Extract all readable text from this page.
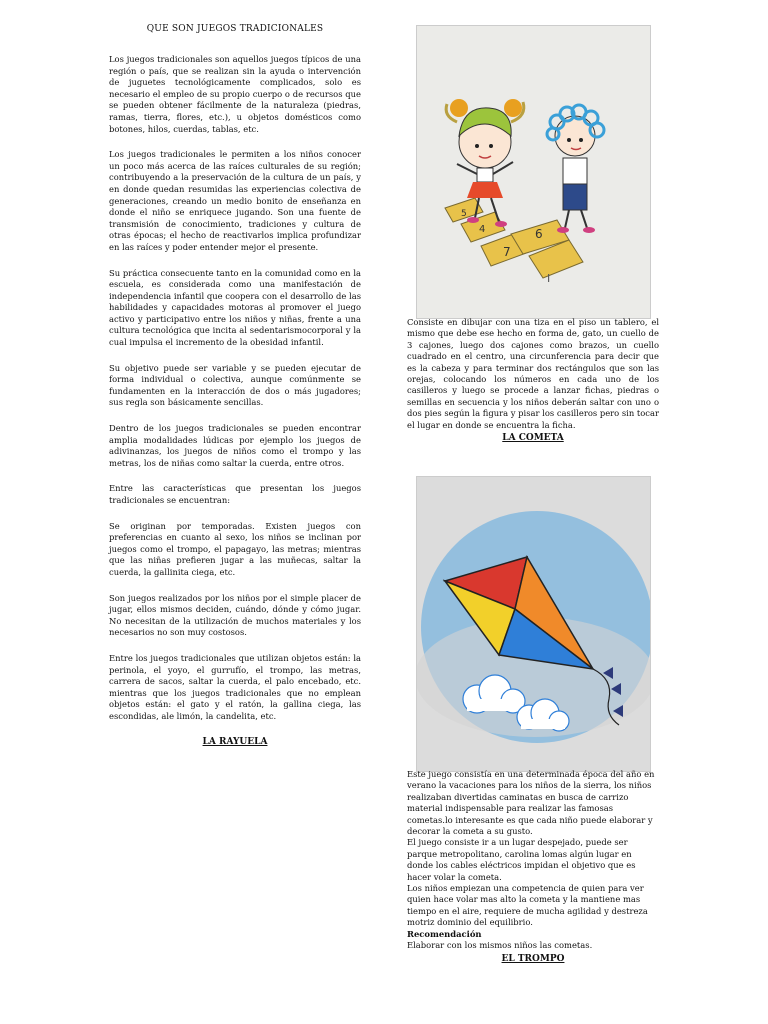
QUE SON JUEGOS TRADICIONALES

Los juegos tradicionales son aquellos juegos típicos de una región o país, que se realizan sin la ayuda o intervención de juguetes tecnológicamente complicados, solo es necesario el empleo de su propio cuerpo o de recursos que se pueden obtener fácilmente de la naturaleza (piedras, ramas, tierra, flores, etc.), u objetos domésticos como botones, hilos, cuerdas, tablas, etc.

Los juegos tradicionales le permiten a los niños conocer un poco más acerca de las raíces culturales de su región; contribuyendo a la preservación de la cultura de un país, y en donde quedan resumidas las experiencias colectiva de generaciones, creando un medio bonito de enseñanza en donde el niño se enriquece jugando. Son una fuente de transmisión de conocimiento, tradiciones y cultura de otras épocas; el hecho de reactivarlos implica profundizar en las raíces y poder entender mejor el presente.

Su práctica consecuente tanto en la comunidad como en la escuela, es considerada como una manifestación de independencia infantil que coopera con el desarrollo de las habilidades y capacidades motoras al promover el juego activo y participativo entre los niños y niñas, frente a una cultura tecnológica que incita al sedentarismocorporal y la cual impulsa el incremento de la obesidad infantil.

Su objetivo puede ser variable y se pueden ejecutar de forma individual o colectiva, aunque comúnmente se fundamenten en la interacción de dos o más jugadores; sus regla son básicamente sencillas.

Dentro de los juegos tradicionales se pueden encontrar amplia modalidades lúdicas por ejemplo los juegos de adivinanzas, los juegos de niños como el trompo y las metras, los de niñas como saltar la cuerda, entre otros.

Entre las características que presentan los juegos tradicionales se encuentran:

Se originan por temporadas. Existen juegos con preferencias en cuanto al sexo, los niños se inclinan por juegos como el trompo, el papagayo, las metras; mientras que las niñas prefieren jugar a las muñecas, saltar la cuerda, la gallinita ciega, etc.

Son juegos realizados por los niños por el simple placer de jugar, ellos mismos deciden, cuándo, dónde y cómo jugar. No necesitan de la utilización de muchos materiales y los necesarios no son muy costosos.

Entre los juegos tradicionales que utilizan objetos están: la perinola, el yoyo, el gurrufío, el trompo, las metras, carrera de sacos, saltar la cuerda, el palo encebado, etc. mientras que los juegos tradicionales que no emplean objetos están: el gato y el ratón, la gallina ciega, las escondidas, ale limón, la candelita, etc.

LA RAYUELA
5
4	6
7
I
Consiste en dibujar con una tiza en el piso un tablero, el mismo que debe ese hecho en forma de, gato, un cuello de 3 cajones, luego dos cajones como brazos, un cuello cuadrado en el centro, una circunferencia para decir que es la cabeza y para terminar dos rectángulos que son las orejas, colocando los números en cada uno de los casilleros y luego se procede a lanzar fichas, piedras o semillas en secuencia y los niños deberán saltar con uno o dos pies según la figura y pisar los casilleros pero sin tocar el lugar en donde se encuentra la ficha.
LA COMETA

Este juego consistía en una determinada época del año en verano la vacaciones para los niños de la sierra, los niños realizaban divertidas caminatas en busca de carrizo material indispensable para realizar las famosas cometas.lo interesante es que cada niño puede elaborar y decorar la cometa a su gusto.

El juego consiste ir a un lugar despejado, puede ser parque metropolitano, carolina lomas algún lugar en donde los cables eléctricos impidan el objetivo que es hacer volar la cometa.

Los niños empiezan una competencia de quien para ver quien hace volar mas alto la cometa y la mantiene mas tiempo en el aire, requiere de mucha agilidad y destreza motriz dominio del equilibrio.

Recomendación

Elaborar con los mismos niños las cometas.

EL TROMPO
